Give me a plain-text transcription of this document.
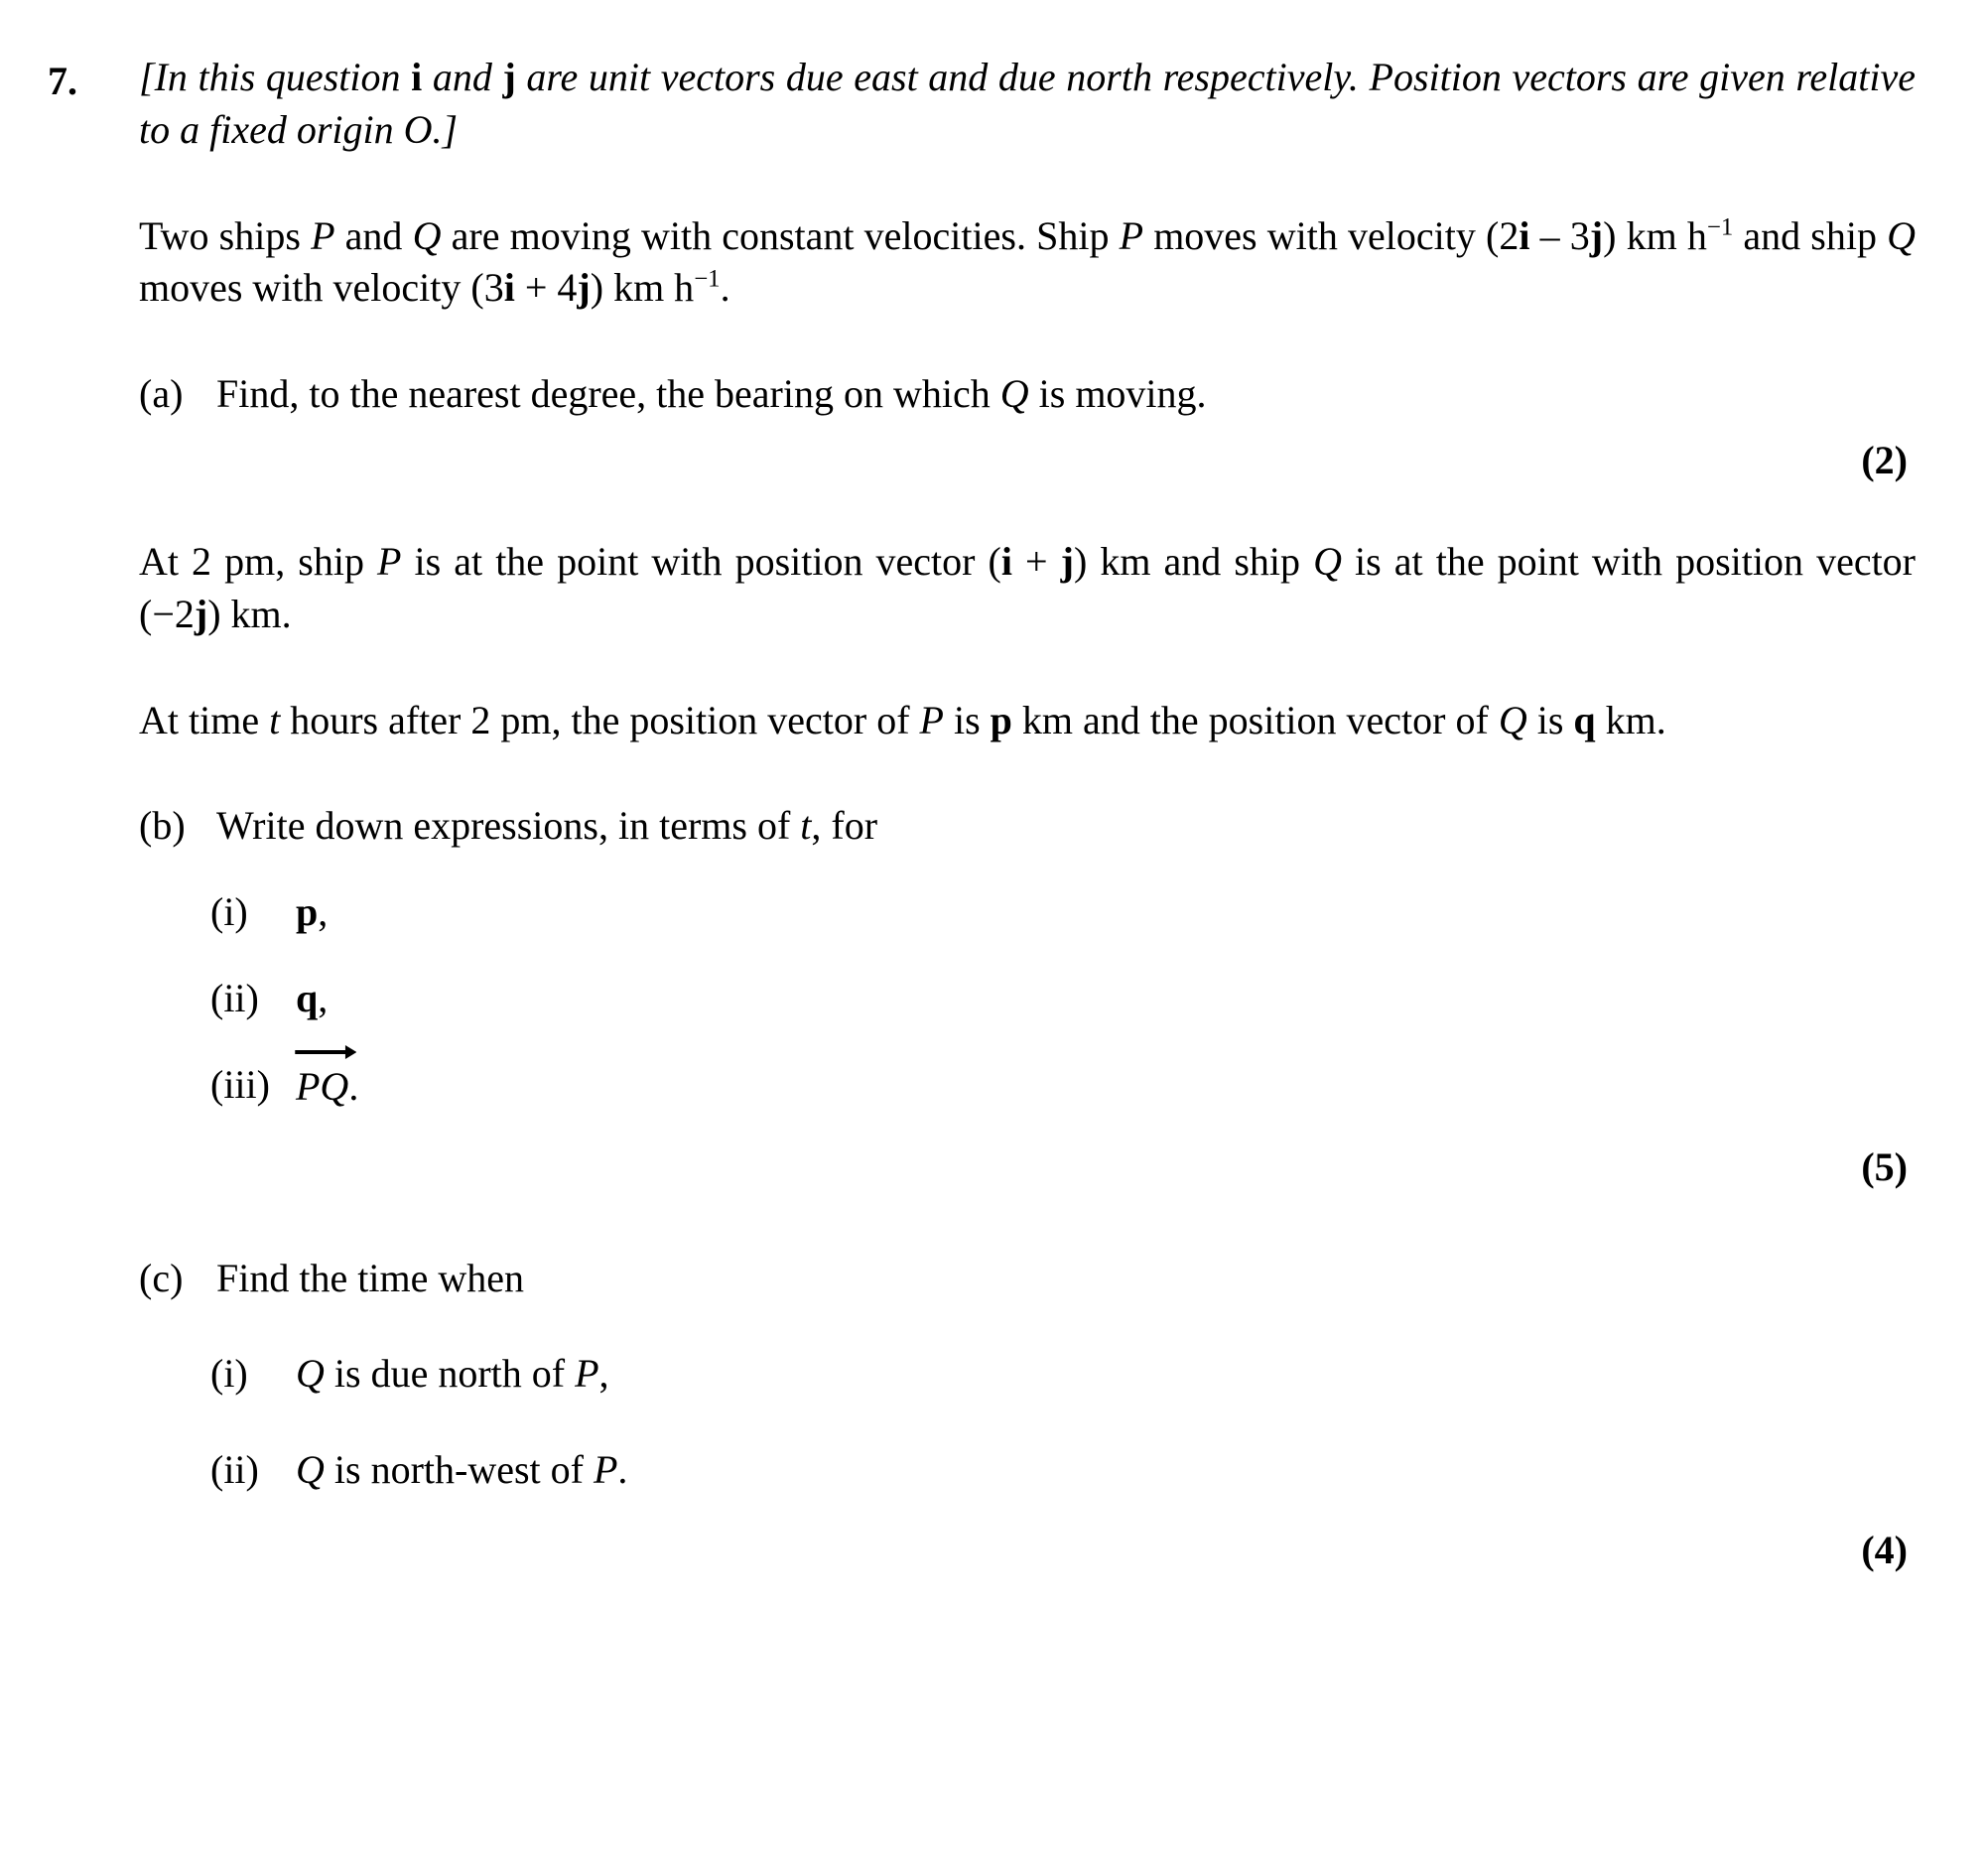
7. [In this question i and j are unit vectors due east and due north respectively. Position vectors are given relative to a fixed origin O.]
Two ships P and Q are moving with constant velocities. Ship P moves with velocity (2i – 3j) km $h^{-1}$ and ship Q moves with velocity (3i + 4j) km $h^{-1}$.
(a) Find, to the nearest degree, the bearing on which Q is moving.
(2)
At 2 pm, ship P is at the point with position vector (i + j) km and ship Q is at the point with position vector (−2j) km.
At time t hours after 2 pm, the position vector of P is p km and the position vector of Q is q km.
(b) Write down expressions, in terms of t, for
(i)	p,
(ii) q,
(iii) PQ.
(5)
(c) Find the time when
(i)	Q is due north of P,
(ii) Q is north-west of P.
(4)
